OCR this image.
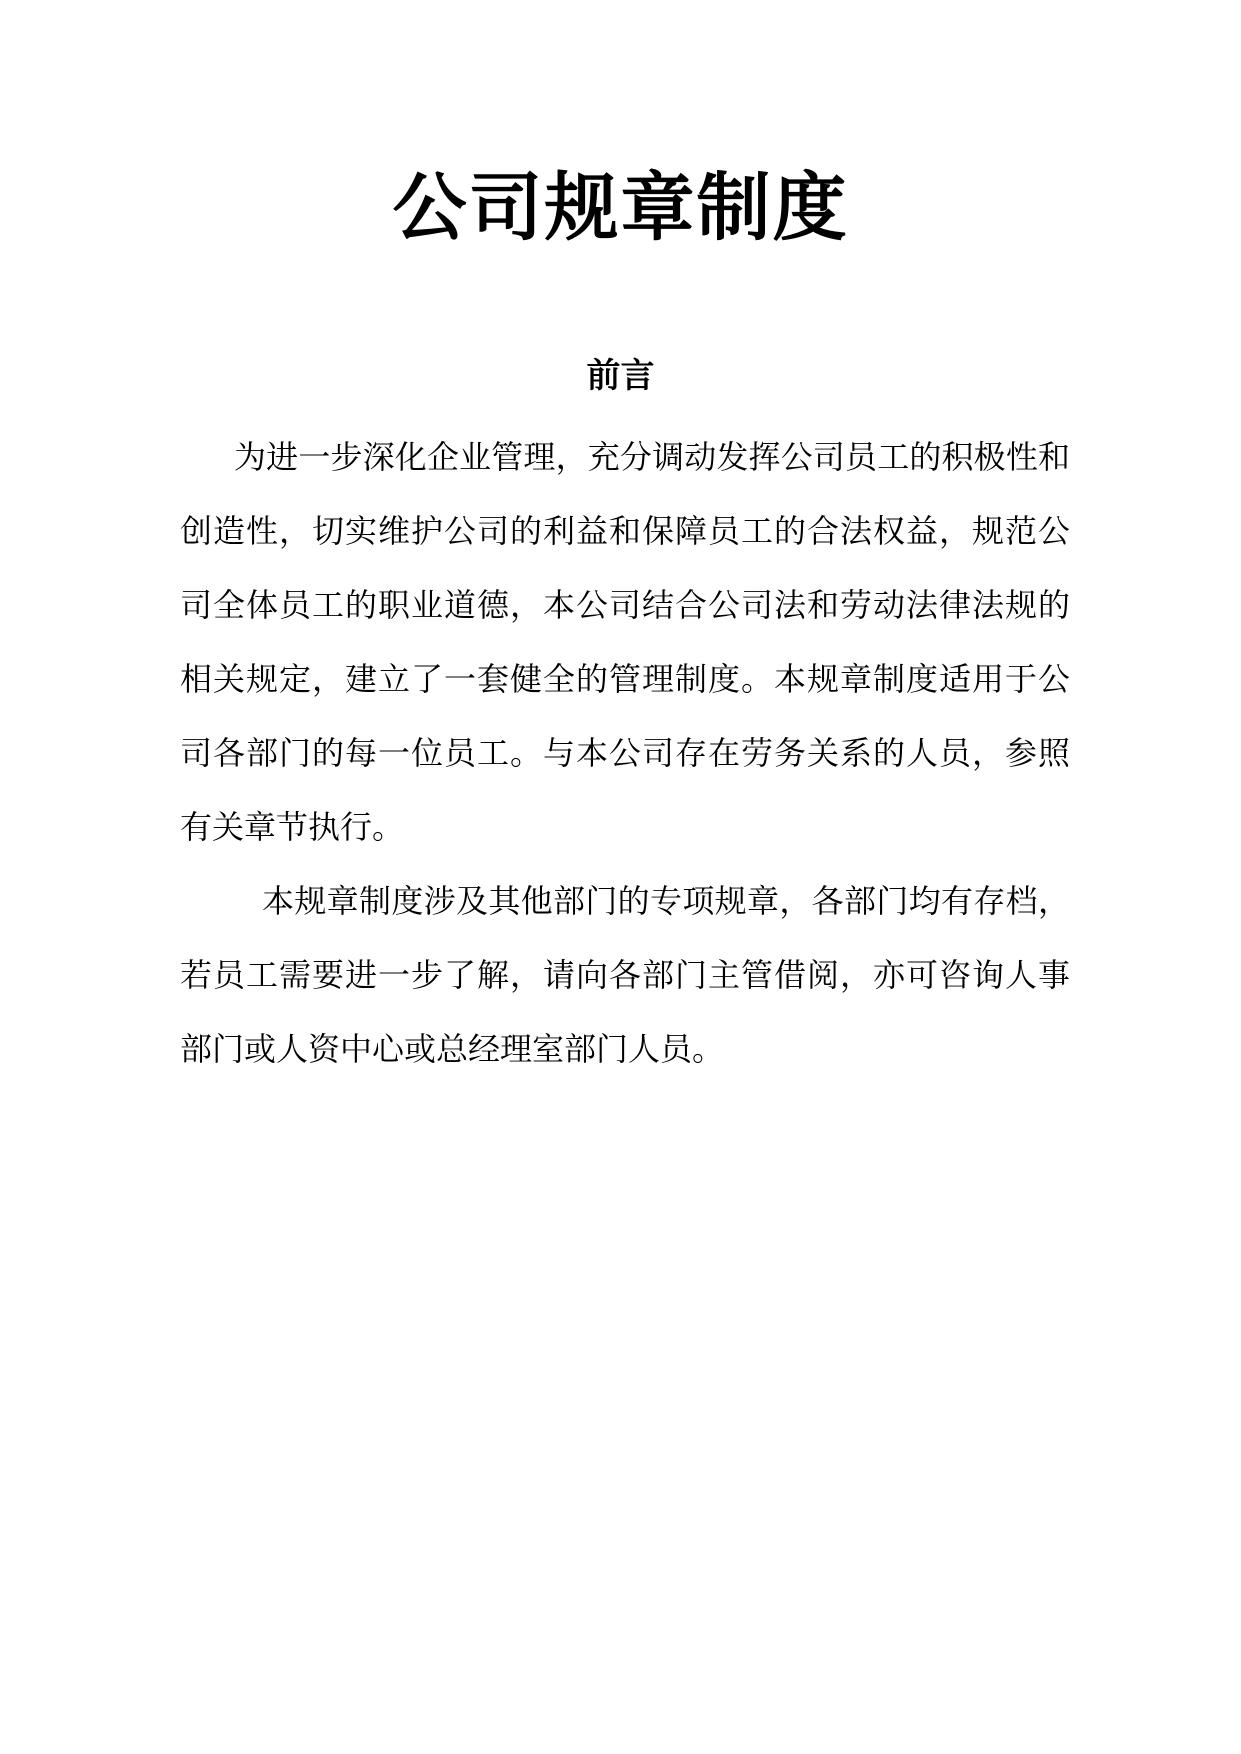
公司规章制度
前言

为进一步深化企业管理，充分调动发挥公司员工的积极性和创造性，切实维护公司的利益和保障员工的合法权益，规范公司全体员工的职业道德，本公司结合公司法和劳动法律法规的相关规定，建立了一套健全的管理制度。本规章制度适用于公司各部门的每一位员工。与本公司存在劳务关系的人员，参照有关章节执行。

本规章制度涉及其他部门的专项规章，各部门均有存档，若员工需要进一步了解，请向各部门主管借阅，亦可咨询人事部门或人资中心或总经理室部门人员。
